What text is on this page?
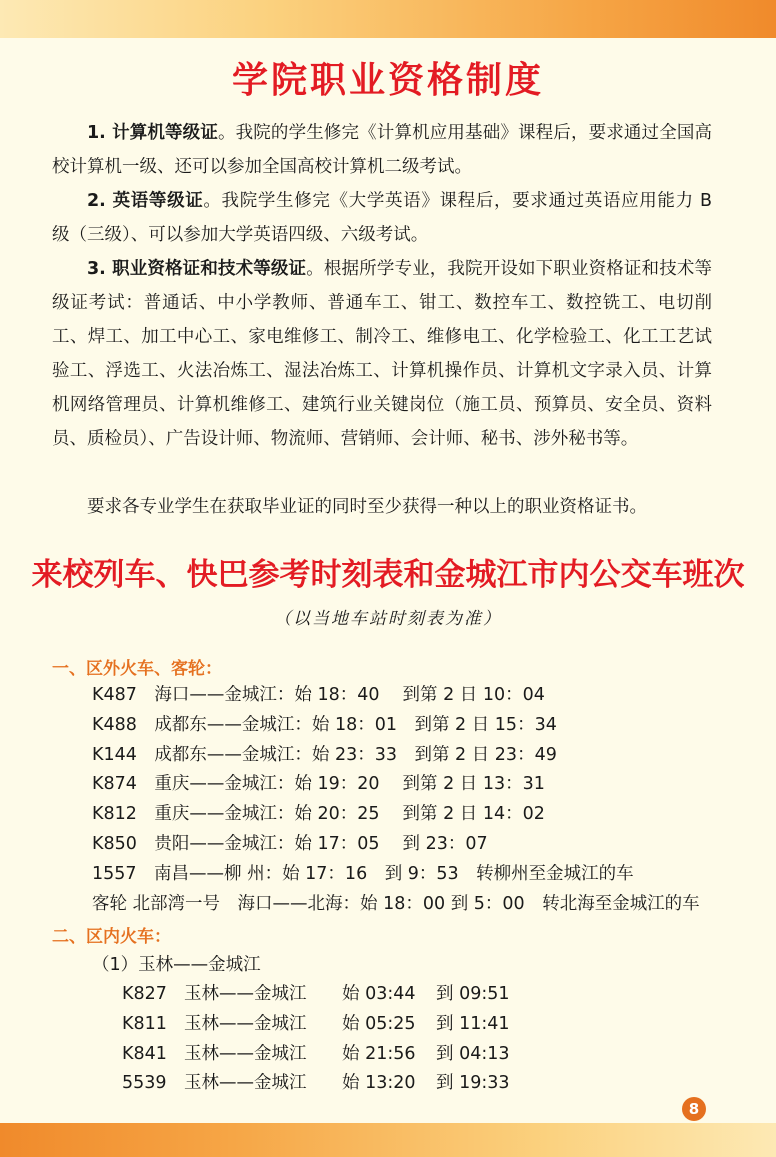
学院职业资格制度

1. 计算机等级证。我院的学生修完《计算机应用基础》课程后，要求通过全国高校计算机一级、还可以参加全国高校计算机二级考试。

2. 英语等级证。我院学生修完《大学英语》课程后，要求通过英语应用能力 B 级（三级）、可以参加大学英语四级、六级考试。

3. 职业资格证和技术等级证。根据所学专业，我院开设如下职业资格证和技术等级证考试：普通话、中小学教师、普通车工、钳工、数控车工、数控铣工、电切削工、焊工、加工中心工、家电维修工、制冷工、维修电工、化学检验工、化工工艺试验工、浮选工、火法冶炼工、湿法冶炼工、计算机操作员、计算机文字录入员、计算机网络管理员、计算机维修工、建筑行业关键岗位（施工员、预算员、安全员、资料员、质检员）、广告设计师、物流师、营销师、会计师、秘书、涉外秘书等。

要求各专业学生在获取毕业证的同时至少获得一种以上的职业资格证书。

来校列车、快巴参考时刻表和金城江市内公交车班次
（以当地车站时刻表为准）
一、区外火车、客轮：
K487　海口——金城江：始 18：40　 到第 2 日 10：04
K488　成都东——金城江：始 18：01　到第 2 日 15：34
K144　成都东——金城江：始 23：33　到第 2 日 23：49
K874　重庆——金城江：始 19：20　 到第 2 日 13：31
K812　重庆——金城江：始 20：25　 到第 2 日 14：02
K850　贵阳——金城江：始 17：05　 到 23：07
1557　南昌——柳 州：始 17：16　到 9：53　转柳州至金城江的车
客轮 北部湾一号　海口——北海：始 18：00 到 5：00　转北海至金城江的车
二、区内火车：
（1）玉林——金城江
K827 玉林——金城江 始 03:44 到 09:51
K811 玉林——金城江 始 05:25 到 11:41
K841 玉林——金城江 始 21:56 到 04:13
5539 玉林——金城江 始 13:20 到 19:33
8
